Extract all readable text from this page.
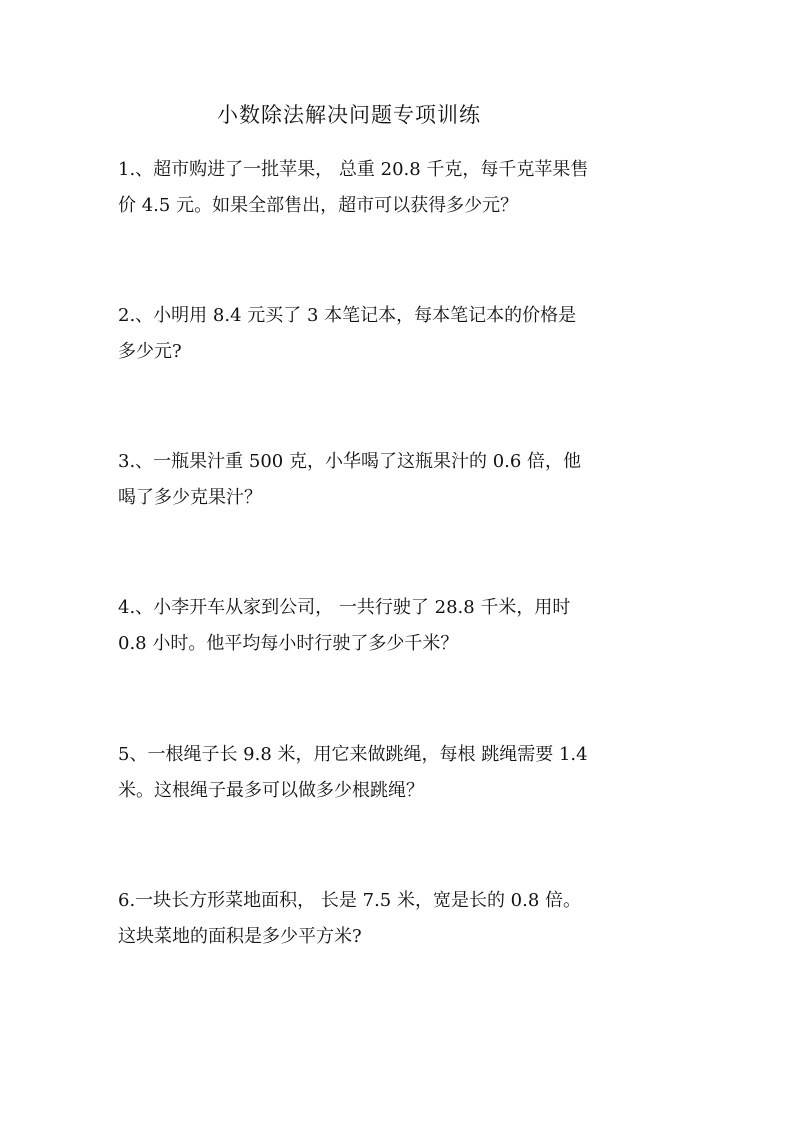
小数除法解决问题专项训练
1.、超市购进了一批苹果， 总重 20.8 千克，每千克苹果售
价 4.5 元。如果全部售出，超市可以获得多少元？
2.、小明用 8.4 元买了 3 本笔记本，每本笔记本的价格是
多少元?
3.、一瓶果汁重 500 克，小华喝了这瓶果汁的 0.6 倍，他
喝了多少克果汁？
4.、小李开车从家到公司， 一共行驶了 28.8 千米，用时
0.8 小时。他平均每小时行驶了多少千米？
5、一根绳子长 9.8 米，用它来做跳绳，每根 跳绳需要 1.4
米。这根绳子最多可以做多少根跳绳？
6.一块长方形菜地面积， 长是 7.5 米，宽是长的 0.8 倍。
这块菜地的面积是多少平方米?
